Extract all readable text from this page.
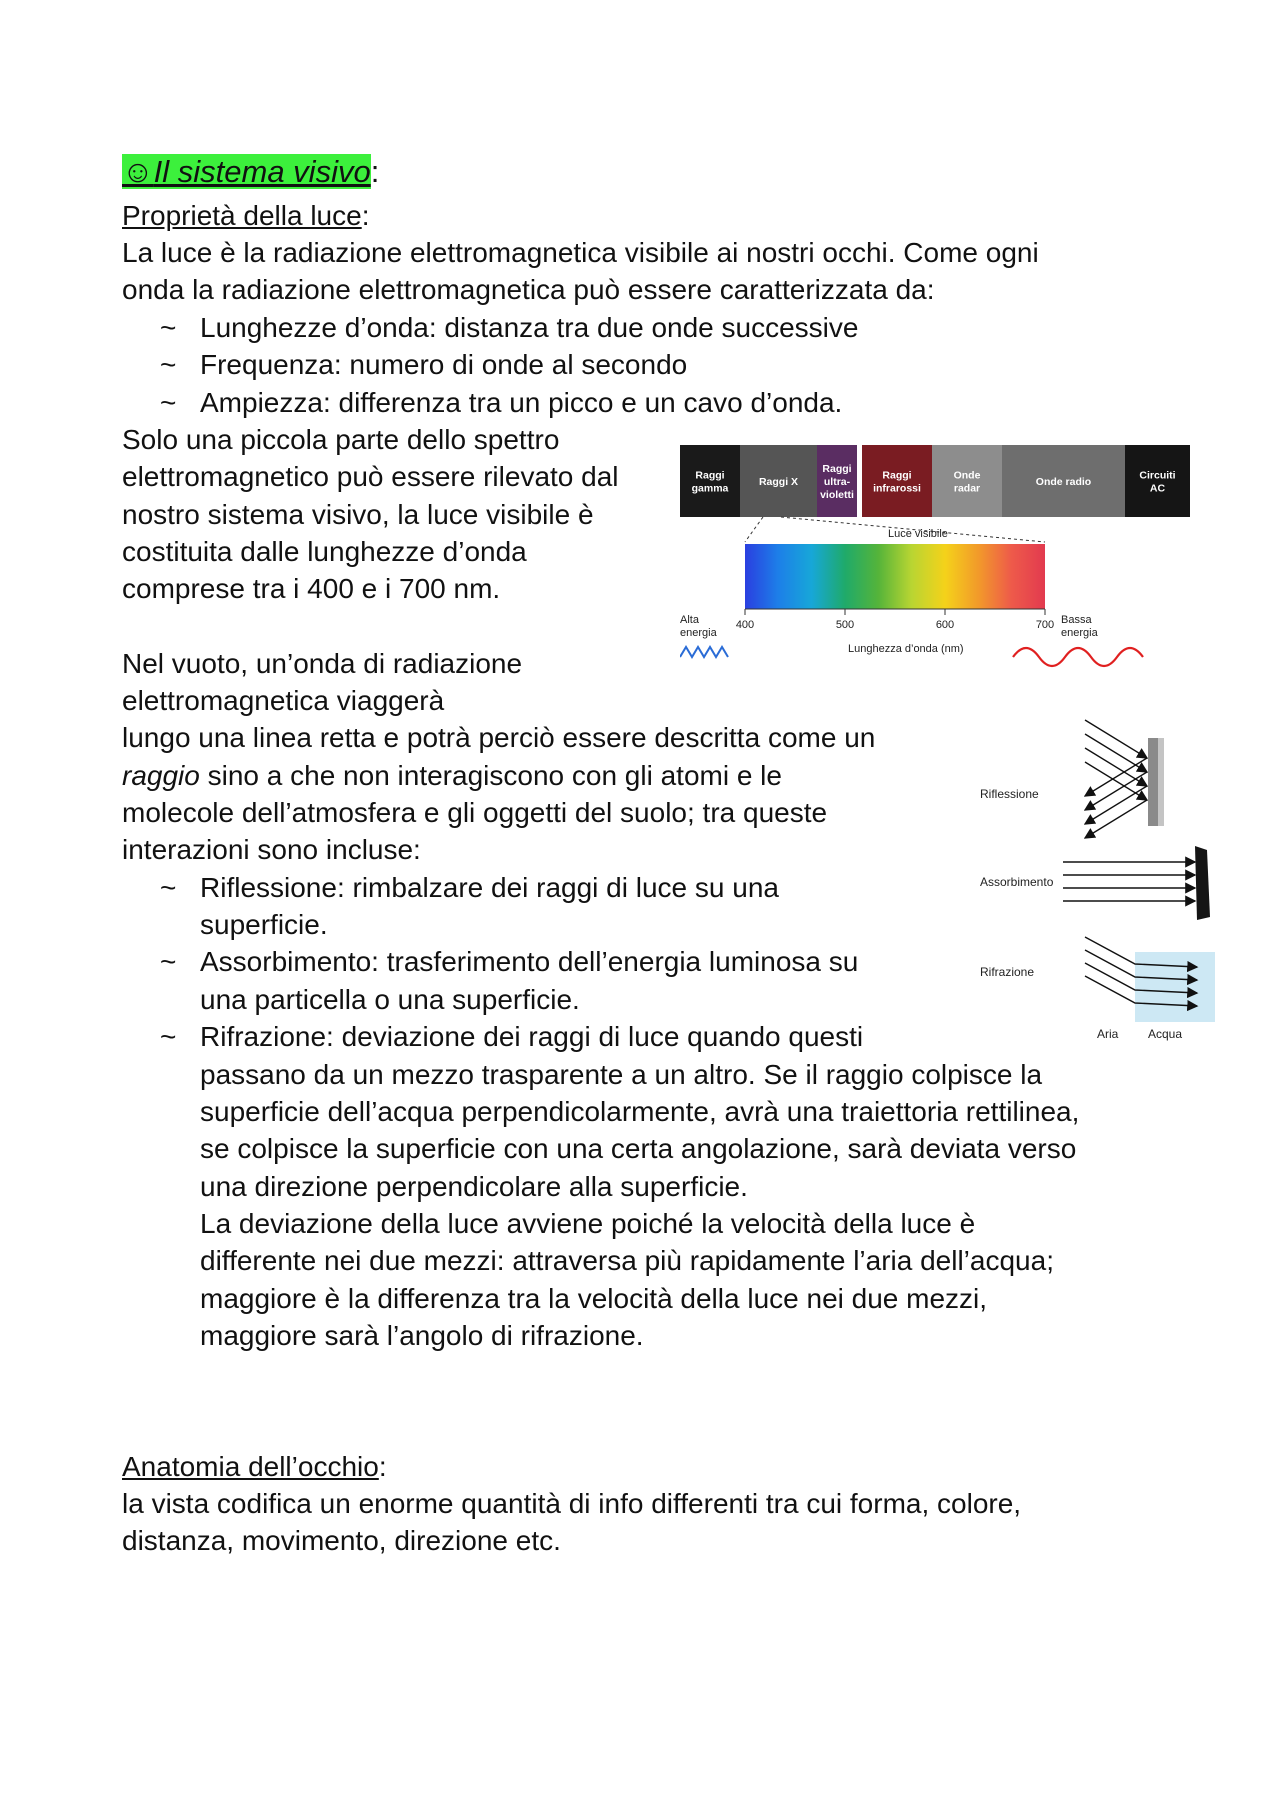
☺Il sistema visivo:
Proprietà della luce:
La luce è la radiazione elettromagnetica visibile ai nostri occhi. Come ogni
onda la radiazione elettromagnetica può essere caratterizzata da:
~ Lunghezze d’onda: distanza tra due onde successive
~ Frequenza: numero di onde al secondo
~ Ampiezza: differenza tra un picco e un cavo d’onda.
Solo una piccola parte dello spettro
elettromagnetico può essere rilevato dal
nostro sistema visivo, la luce visibile è
costituita dalle lunghezze d’onda
comprese tra i 400 e i 700 nm.
Nel vuoto, un’onda di radiazione
elettromagnetica viaggerà
lungo una linea retta e potrà perciò essere descritta come un
raggio sino a che non interagiscono con gli atomi e le
molecole dell’atmosfera e gli oggetti del suolo; tra queste
interazioni sono incluse:
~ Riflessione: rimbalzare dei raggi di luce su una
superficie.
~ Assorbimento: trasferimento dell’energia luminosa su
una particella o una superficie.
~ Rifrazione: deviazione dei raggi di luce quando questi
passano da un mezzo trasparente a un altro. Se il raggio colpisce la
superficie dell’acqua perpendicolarmente, avrà una traiettoria rettilinea,
se colpisce la superficie con una certa angolazione, sarà deviata verso
una direzione perpendicolare alla superficie.
La deviazione della luce avviene poiché la velocità della luce è
differente nei due mezzi: attraversa più rapidamente l’aria dell’acqua;
maggiore è la differenza tra la velocità della luce nei due mezzi,
maggiore sarà l’angolo di rifrazione.
Anatomia dell’occhio:
la vista codifica un enorme quantità di info differenti tra cui forma, colore,
distanza, movimento, direzione etc.
Raggi
gamma
Raggi X
Raggi
ultra-
violetti
Raggi
infrarossi
Onde
radar
Onde radio
Circuiti
AC
Luce visibile
400	500	600	700
Lunghezza d’onda (nm)
Alta
energia
Bassa
energia
Riflessione
Assorbimento
Rifrazione
Aria Acqua
